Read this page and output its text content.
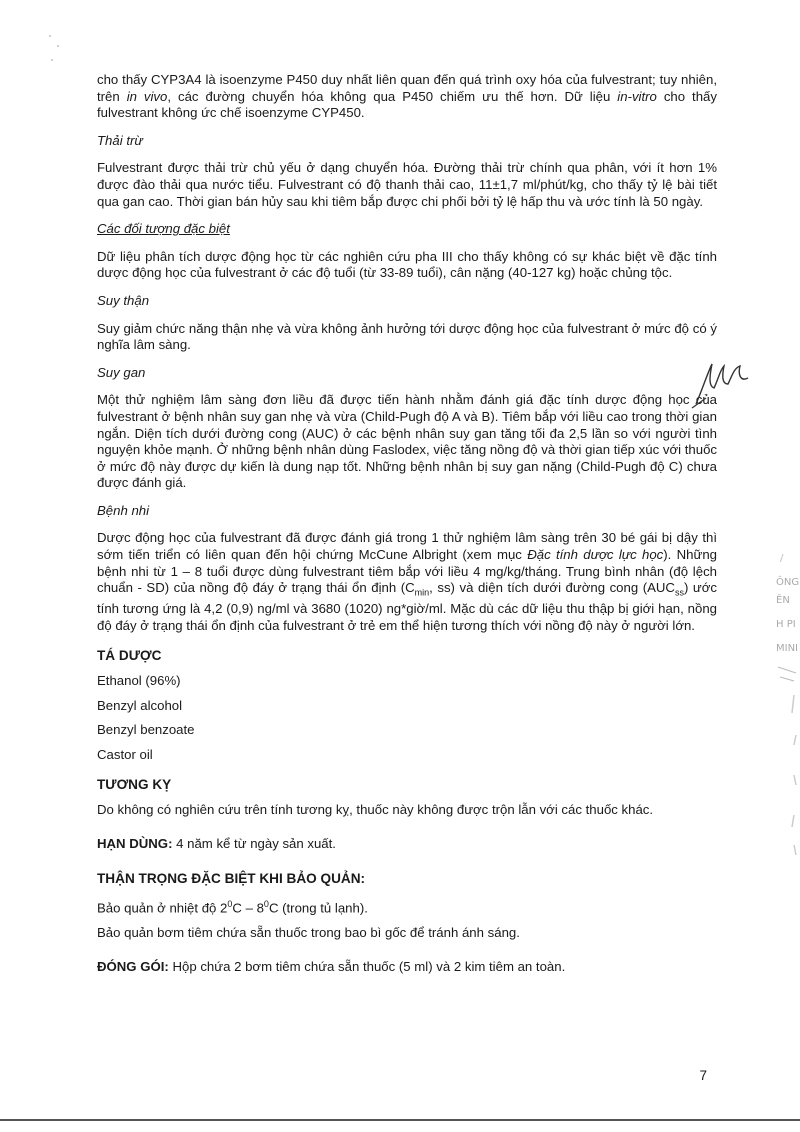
cho thấy CYP3A4 là isoenzyme P450 duy nhất liên quan đến quá trình oxy hóa của fulvestrant; tuy nhiên, trên in vivo, các đường chuyển hóa không qua P450 chiếm ưu thế hơn. Dữ liệu in-vitro cho thấy fulvestrant không ức chế isoenzyme CYP450.

Thải trừ

Fulvestrant được thải trừ chủ yếu ở dạng chuyển hóa. Đường thải trừ chính qua phân, với ít hơn 1% được đào thải qua nước tiểu. Fulvestrant có độ thanh thải cao, 11±1,7 ml/phút/kg, cho thấy tỷ lệ bài tiết qua gan cao. Thời gian bán hủy sau khi tiêm bắp được chi phối bởi tỷ lệ hấp thu và ước tính là 50 ngày.

Các đối tượng đặc biệt

Dữ liệu phân tích dược động học từ các nghiên cứu pha III cho thấy không có sự khác biệt về đặc tính dược động học của fulvestrant ở các độ tuổi (từ 33-89 tuổi), cân nặng (40-127 kg) hoặc chủng tộc.

Suy thận

Suy giảm chức năng thận nhẹ và vừa không ảnh hưởng tới dược động học của fulvestrant ở mức độ có ý nghĩa lâm sàng.

Suy gan

Một thử nghiệm lâm sàng đơn liều đã được tiến hành nhằm đánh giá đặc tính dược động học của fulvestrant ở bệnh nhân suy gan nhẹ và vừa (Child-Pugh độ A và B). Tiêm bắp với liều cao trong thời gian ngắn. Diện tích dưới đường cong (AUC) ở các bệnh nhân suy gan tăng tối đa 2,5 lần so với người tình nguyện khỏe mạnh. Ở những bệnh nhân dùng Faslodex, việc tăng nồng độ và thời gian tiếp xúc với thuốc ở mức độ này được dự kiến là dung nạp tốt. Những bệnh nhân bị suy gan nặng (Child-Pugh độ C) chưa được đánh giá.

Bệnh nhi

Dược động học của fulvestrant đã được đánh giá trong 1 thử nghiệm lâm sàng trên 30 bé gái bị dậy thì sớm tiến triển có liên quan đến hội chứng McCune Albright (xem mục Đặc tính dược lực học). Những bệnh nhi từ 1 – 8 tuổi được dùng fulvestrant tiêm bắp với liều 4 mg/kg/tháng. Trung bình nhân (độ lệch chuẩn - SD) của nồng độ đáy ở trạng thái ổn định ($C_{min}$, ss) và diện tích dưới đường cong $(AUC_{ss})$ ước tính tương ứng là 4,2 (0,9) ng/ml và 3680 (1020) ng*giờ/ml. Mặc dù các dữ liệu thu thập bị giới hạn, nồng độ đáy ở trạng thái ổn định của fulvestrant ở trẻ em thể hiện tương thích với nồng độ này ở người lớn.

TÁ DƯỢC

Ethanol (96%)

Benzyl alcohol

Benzyl benzoate

Castor oil

TƯƠNG KỴ

Do không có nghiên cứu trên tính tương kỵ, thuốc này không được trộn lẫn với các thuốc khác.

HẠN DÙNG: 4 năm kể từ ngày sản xuất.

THẬN TRỌNG ĐẶC BIỆT KHI BẢO QUẢN:

Bảo quản ở nhiệt độ $2^0C - 8^0C$ (trong tủ lạnh).

Bảo quản bơm tiêm chứa sẵn thuốc trong bao bì gốc để tránh ánh sáng.

ĐÓNG GÓI: Hộp chứa 2 bơm tiêm chứa sẵn thuốc (5 ml) và 2 kim tiêm an toàn.

/
ÔNG
ÊN
H PI
MINI
7
